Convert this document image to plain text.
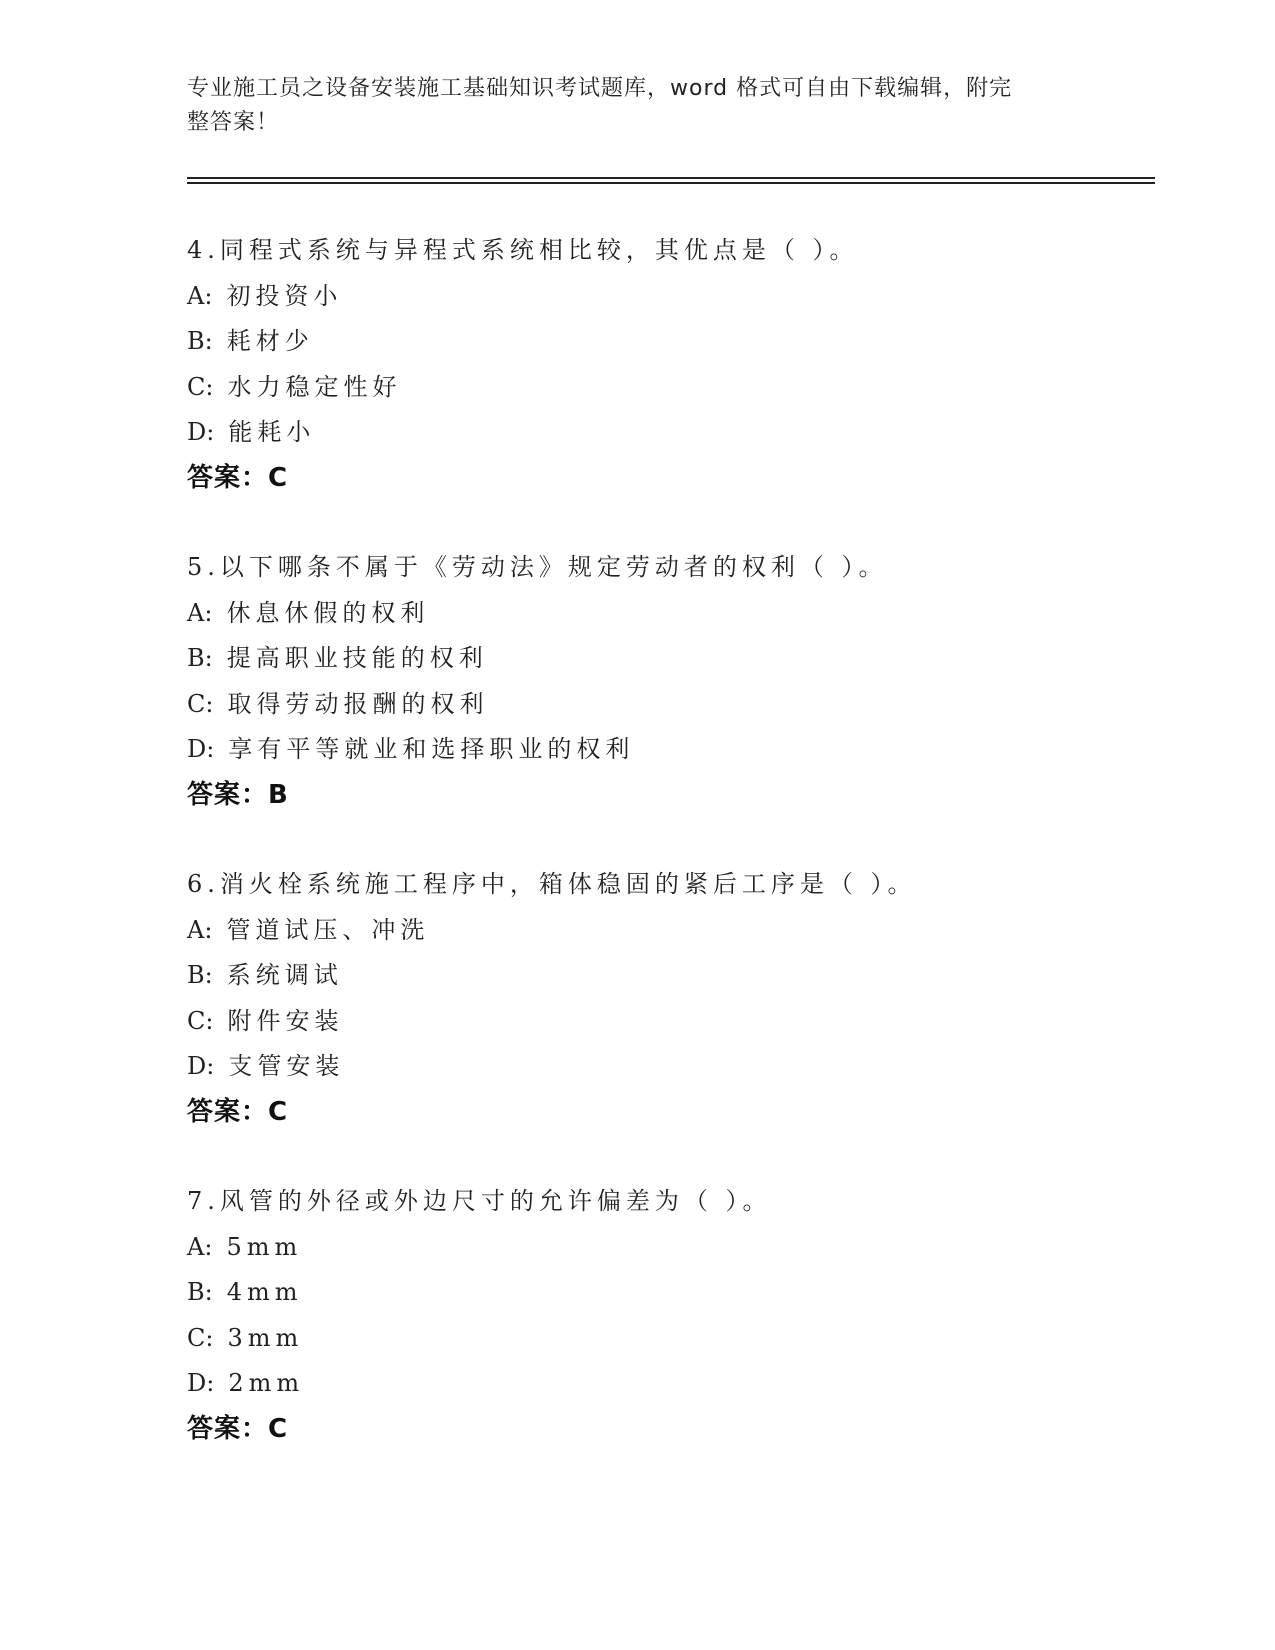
专业施工员之设备安装施工基础知识考试题库，word 格式可自由下载编辑，附完
整答案！
4.同程式系统与异程式系统相比较，其优点是（ ）。
A: 初投资小
B: 耗材少
C: 水力稳定性好
D: 能耗小
答案：C
5.以下哪条不属于《劳动法》规定劳动者的权利（ ）。
A: 休息休假的权利
B: 提高职业技能的权利
C: 取得劳动报酬的权利
D: 享有平等就业和选择职业的权利
答案：B
6.消火栓系统施工程序中，箱体稳固的紧后工序是（ ）。
A: 管道试压、冲洗
B: 系统调试
C: 附件安装
D: 支管安装
答案：C
7.风管的外径或外边尺寸的允许偏差为（ ）。
A: 5mm
B: 4mm
C: 3mm
D: 2mm
答案：C
